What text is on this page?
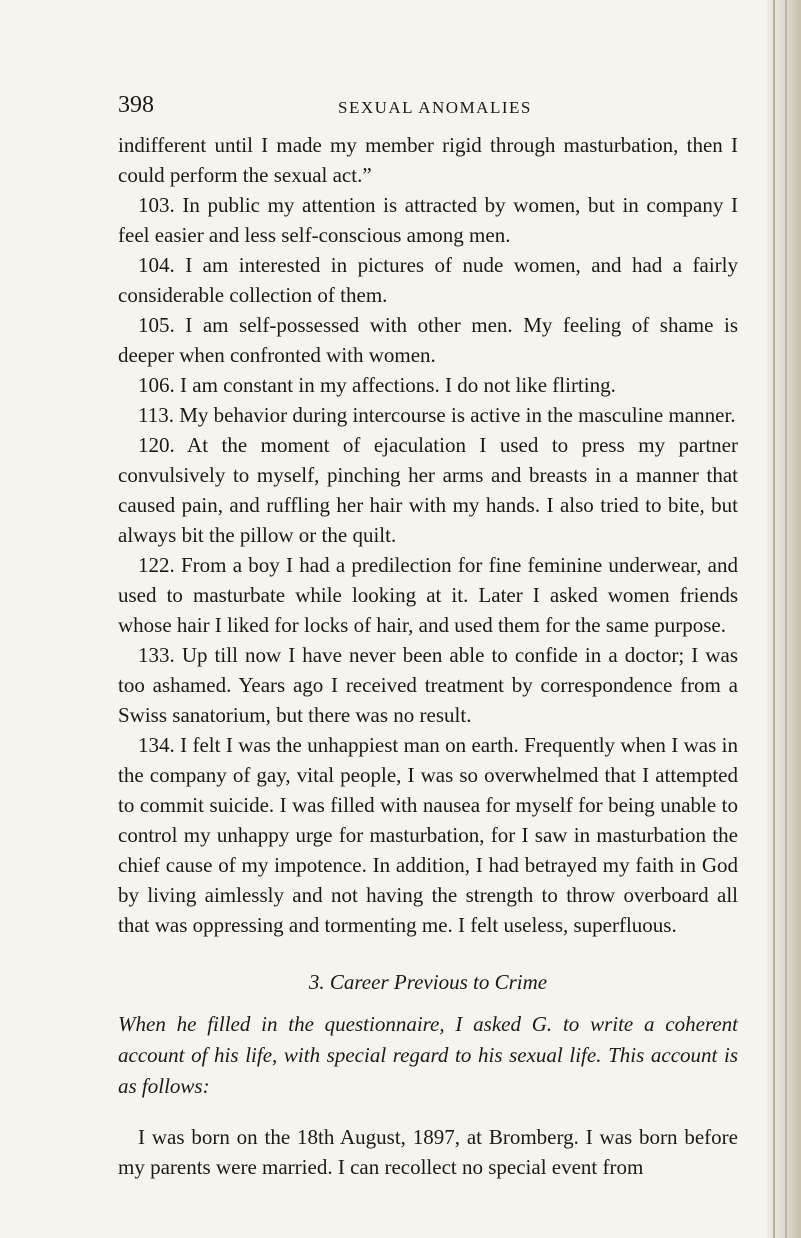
398	SEXUAL ANOMALIES

indifferent until I made my member rigid through masturbation, then I could perform the sexual act.”

103. In public my attention is attracted by women, but in company I feel easier and less self-conscious among men.

104. I am interested in pictures of nude women, and had a fairly considerable collection of them.

105. I am self-possessed with other men. My feeling of shame is deeper when confronted with women.

106. I am constant in my affections. I do not like flirting.

113. My behavior during intercourse is active in the masculine manner.

120. At the moment of ejaculation I used to press my partner convulsively to myself, pinching her arms and breasts in a manner that caused pain, and ruffling her hair with my hands. I also tried to bite, but always bit the pillow or the quilt.

122. From a boy I had a predilection for fine feminine underwear, and used to masturbate while looking at it. Later I asked women friends whose hair I liked for locks of hair, and used them for the same purpose.

133. Up till now I have never been able to confide in a doctor; I was too ashamed. Years ago I received treatment by correspondence from a Swiss sanatorium, but there was no result.

134. I felt I was the unhappiest man on earth. Frequently when I was in the company of gay, vital people, I was so overwhelmed that I attempted to commit suicide. I was filled with nausea for myself for being unable to control my unhappy urge for masturbation, for I saw in masturbation the chief cause of my impotence. In addition, I had betrayed my faith in God by living aimlessly and not having the strength to throw overboard all that was oppressing and tormenting me. I felt useless, superfluous.

3. Career Previous to Crime
When he filled in the questionnaire, I asked G. to write a coherent account of his life, with special regard to his sexual life. This account is as follows:

I was born on the 18th August, 1897, at Bromberg. I was born before my parents were married. I can recollect no special event from
